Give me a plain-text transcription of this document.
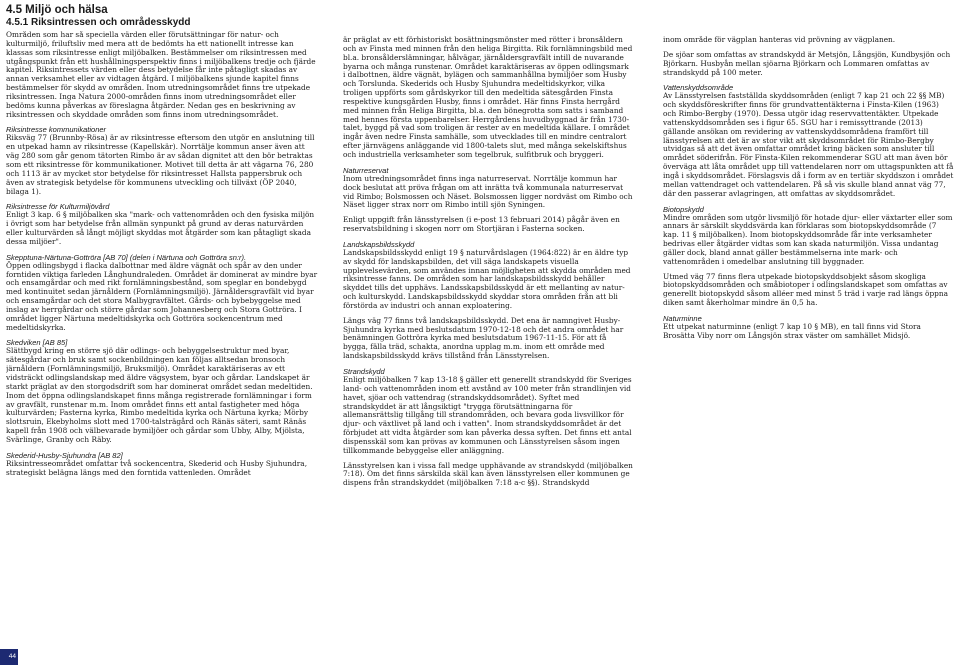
4.5 Miljö och hälsa
4.5.1 Riksintressen och områdesskydd

Områden som har så speciella värden eller förutsättningar för natur- och kulturmiljö, friluftsliv med mera att de bedömts ha ett nationellt intresse kan klassas som riksintresse enligt miljöbalken. Bestämmelser om riksintressen med utgångspunkt från ett hushållningsperspektiv finns i miljöbalkens tredje och fjärde kapitel. Riksintressets värden eller dess betydelse får inte påtagligt skadas av annan verksamhet eller av vidtagen åtgärd. I miljöbalkens sjunde kapitel finns bestämmelser för skydd av områden. Inom utredningsområdet finns tre utpekade riksintressen. Inga Natura 2000-områden finns inom utredningsområdet eller bedöms kunna påverkas av föreslagna åtgärder. Nedan ges en beskrivning av riksintressen och skyddade områden som finns inom utredningsområdet.

Riksintresse kommunikationer

Riksväg 77 (Brunnby-Rösa) är av riksintresse eftersom den utgör en anslutning till en utpekad hamn av riksintresse (Kapellskär). Norrtälje kommun anser även att väg 280 som går genom tätorten Rimbo är av sådan dignitet att den bör betraktas som ett riksintresse för kommunikationer. Motivet till detta är att vägarna 76, 280 och 1113 är av mycket stor betydelse för riksintresset Hallsta pappersbruk och även av strategisk betydelse för kommunens utveckling och tillväxt (ÖP 2040, bilaga 1).

Riksintresse för Kulturmiljövård

Enligt 3 kap. 6 § miljöbalken ska "mark- och vattenområden och den fysiska miljön i övrigt som har betydelse från allmän synpunkt på grund av deras naturvärden eller kulturvärden så långt möjligt skyddas mot åtgärder som kan påtagligt skada dessa miljöer".

Skepptuna-Närtuna-Gottröra [AB 70] (delen i Närtuna och Gottröra sn:r).

Öppen odlingsbygd i flacka dalbottnar med äldre vägnät och spår av den under forntiden viktiga farleden Långhundraleden. Området är dominerat av mindre byar och ensamgårdar och med rikt fornlämningsbestånd, som speglar en bondebygd med kontinuitet sedan järnåldern (Fornlämningsmiljö). Järnåldersgravfält vid byar och ensamgårdar och det stora Malbygravfältet. Gårds- och bybebyggelse med inslag av herrgårdar och större gårdar som Johannesberg och Stora Gottröra. I området ligger Närtuna medeltidskyrka och Gottröra sockencentrum med medeltidskyrka.

Skedviken [AB 85]

Slättbygd kring en större sjö där odlings- och bebyggelsestruktur med byar, sätesgårdar och bruk samt sockenbildningen kan följas alltsedan bronsoch järnåldern (Fornlämningsmiljö, Bruksmiljö). Området karaktäriseras av ett vidsträckt odlingslandskap med äldre vägsystem, byar och gårdar. Landskapet är starkt präglat av den storgodsdrift som har dominerat området sedan medeltiden. Inom det öppna odlingslandskapet finns många registrerade fornlämningar i form av gravfält, runstenar m.m. Inom området finns ett antal fastigheter med höga kulturvärden; Fasterna kyrka, Rimbo medeltida kyrka och Närtuna kyrka; Mörby slottsruin, Ekebyholms slott med 1700-talsträgård och Ränäs säteri, samt Ränäs kapell från 1908 och välbevarade bymiljöer och gårdar som Ubby, Alby, Mjölsta, Svärlinge, Granby och Räby.

Skederid-Husby-Sjuhundra [AB 82]

Riksintresseområdet omfattar två sockencentra, Skederid och Husby Sjuhundra, strategiskt belägna längs med den forntida vattenleden. Området

är präglat av ett förhistoriskt bosättningsmönster med rötter i bronsåldern och av Finsta med minnen från den heliga Birgitta. Rik fornlämningsbild med bl.a. bronsålderslämningar, hålvägar, järnåldersgravfält intill de nuvarande byarna och många runstenar. Området karaktäriseras av öppen odlingsmark i dalbottnen, äldre vägnät, bylägen och sammanhållna bymiljöer som Husby och Torslunda. Skederids och Husby Sjuhundra medeltidskyrkor, vilka troligen uppförts som gårdskyrkor till den medeltida sätesgården Finsta respektive kungsgården Husby, finns i området. Här finns Finsta herrgård med minnen från Heliga Birgitta, bl.a. den bönegrotta som satts i samband med hennes första uppenbarelser. Herrgårdens huvudbyggnad är från 1730-talet, byggd på vad som troligen är rester av en medeltida källare. I området ingår även nedre Finsta samhälle, som utvecklades till en mindre centralort efter järnvägens anläggande vid 1800-talets slut, med många sekelskiftshus och industriella verksamheter som tegelbruk, sulfitbruk och bryggeri.

Naturreservat

Inom utredningsområdet finns inga naturreservat. Norrtälje kommun har dock beslutat att pröva frågan om att inrätta två kommunala naturreservat vid Rimbo; Bolsmossen och Näset. Bolsmossen ligger nordväst om Rimbo och Näset ligger strax norr om Rimbo intill sjön Syningen.

Enligt uppgift från länsstyrelsen (i e-post 13 februari 2014) pågår även en reservatsbildning i skogen norr om Stortjäran i Fasterna socken.

Landskapsbildsskydd

Landskapsbildsskydd enligt 19 § naturvårdslagen (1964:822) är en äldre typ av skydd för landskapsbilden, det vill säga landskapets visuella upplevelsevärden, som användes innan möjligheten att skydda områden med riksintresse fanns. De områden som har landskapsbildsskydd behåller skyddet tills det upphävs. Landsskapsbildsskydd är ett mellanting av natur- och kulturskydd. Landskapsbildsskydd skyddar stora områden från att bli förstörda av industri och annan exploatering.

Längs väg 77 finns två landskapsbildsskydd. Det ena är namngivet Husby-Sjuhundra kyrka med beslutsdatum 1970-12-18 och det andra området har benämningen Gottröra kyrka med beslutsdatum 1967-11-15. För att få bygga, fälla träd, schakta, anordna upplag m.m. inom ett område med landskapsbildsskydd krävs tillstånd från Länsstyrelsen.

Strandskydd

Enligt miljöbalken 7 kap 13-18 § gäller ett generellt strandskydd för Sveriges land- och vattenområden inom ett avstånd av 100 meter från strandlinjen vid havet, sjöar och vattendrag (strandskyddsområdet). Syftet med strandskyddet är att långsiktigt "trygga förutsättningarna för allemansrättslig tillgång till strandområden, och bevara goda livsvillkor för djur- och växtlivet på land och i vatten". Inom strandskyddsområdet är det förbjudet att vidta åtgärder som kan påverka dessa syften. Det finns ett antal dispensskäl som kan prövas av kommunen och Länsstyrelsen såsom ingen tillkommande bebyggelse eller anläggning.

Länsstyrelsen kan i vissa fall medge upphävande av strandskydd (miljöbalken 7:18). Om det finns särskilda skäl kan även länsstyrelsen eller kommunen ge dispens från strandskyddet (miljöbalken 7:18 a-c §§). Strandskydd

inom område för vägplan hanteras vid prövning av vägplanen.

De sjöar som omfattas av strandskydd är Metsjön, Långsjön, Kundbysjön och Björkarn. Husbyån mellan sjöarna Björkarn och Lommaren omfattas av strandskydd på 100 meter.

Vattenskyddsområde

Av Länsstyrelsen fastställda skyddsområden (enligt 7 kap 21 och 22 §§ MB) och skyddsföreskrifter finns för grundvattentäkterna i Finsta-Kilen (1963) och Rimbo-Bergby (1970). Dessa utgör idag reservvattentäkter. Utpekade vattenskyddsområden ses i figur 65. SGU har i remissyttrande (2013) gällande ansökan om revidering av vattenskyddsområdena framfört till länsstyrelsen att det är av stor vikt att skyddsområdet för Rimbo-Bergby utvidgas så att det även omfattar området kring bäcken som ansluter till området söderifrån. För Finsta-Kilen rekommenderar SGU att man även bör överväga att låta området upp till vattendelaren norr om uttagspunkten att få ingå i skyddsområdet. Förslagsvis då i form av en tertiär skyddszon i området mellan vattendraget och vattendelaren. På så vis skulle bland annat väg 77, där den passerar avlagringen, att omfattas av skyddsområdet.

Biotopskydd

Mindre områden som utgör livsmiljö för hotade djur- eller växtarter eller som annars är särskilt skyddsvärda kan förklaras som biotopskyddsområde (7 kap. 11 § miljöbalken). Inom biotopskyddsområde får inte verksamheter bedrivas eller åtgärder vidtas som kan skada naturmiljön. Vissa undantag gäller dock, bland annat gäller bestämmelserna inte mark- och vattenområden i omedelbar anslutning till byggnader.

Utmed väg 77 finns flera utpekade biotopskyddsobjekt såsom skogliga biotopskyddsområden och småbiotoper i odlingslandskapet som omfattas av generellt biotopskydd såsom alléer med minst 5 träd i varje rad längs öppna diken samt åkerholmar mindre än 0,5 ha.

Naturminne

Ett utpekat naturminne (enligt 7 kap 10 § MB), en tall finns vid Stora Brosätta Viby norr om Långsjön strax väster om samhället Midsjö.

44
